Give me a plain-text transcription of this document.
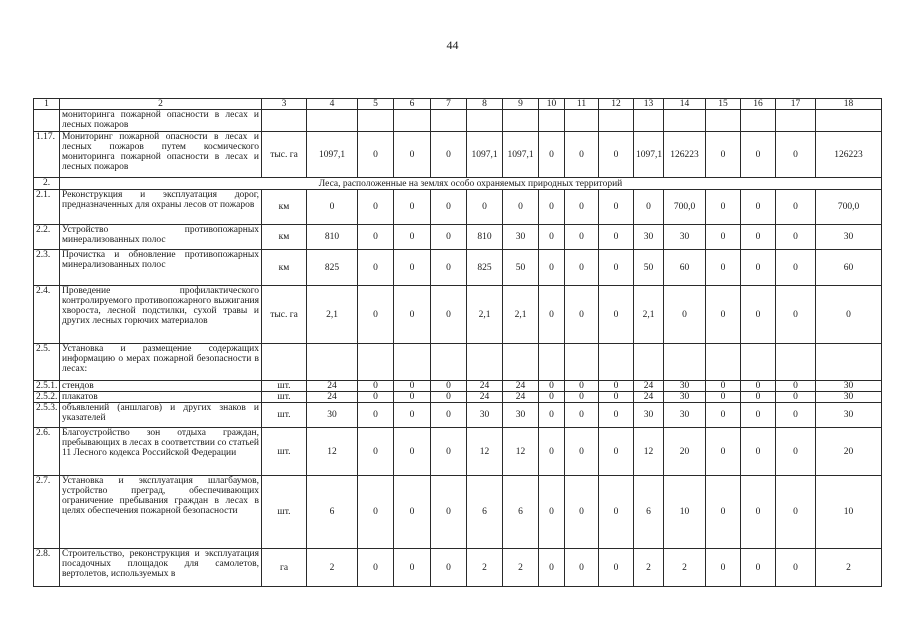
44
1	2	3	4	5	6	7	8	9	10	11	12	13	14	15	16	17	18
	мониторинга пожарной опасности в лесах и лесных пожаров																
1.17.	Мониторинг пожарной опасности в лесах и лесных пожаров путем космического мониторинга пожарной опасности в лесах и лесных пожаров	тыс. га	1097,1	0	0	0	1097,1	1097,1	0	0	0	1097,1	126223	0	0	0	126223
2.	Леса, расположенные на землях особо охраняемых природных территорий																
2.1.	Реконструкция и эксплуатация дорог, предназначенных для охраны лесов от пожаров	км	0	0	0	0	0	0	0	0	0	0	700,0	0	0	0	700,0
2.2.	Устройство противопожарных минерализованных полос	км	810	0	0	0	810	30	0	0	0	30	30	0	0	0	30
2.3.	Прочистка и обновление противопожарных минерализованных полос	км	825	0	0	0	825	50	0	0	0	50	60	0	0	0	60
2.4.	Проведение профилактического контролируемого противопожарного выжигания хвороста, лесной подстилки, сухой травы и других лесных горючих материалов	тыс. га	2,1	0	0	0	2,1	2,1	0	0	0	2,1	0	0	0	0	0
2.5.	Установка и размещение содержащих информацию о мерах пожарной безопасности в лесах:																
2.5.1.	стендов	шт.	24	0	0	0	24	24	0	0	0	24	30	0	0	0	30
2.5.2.	плакатов	шт.	24	0	0	0	24	24	0	0	0	24	30	0	0	0	30
2.5.3.	объявлений (аншлагов) и других знаков и указателей	шт.	30	0	0	0	30	30	0	0	0	30	30	0	0	0	30
2.6.	Благоустройство зон отдыха граждан, пребывающих в лесах в соответствии со статьей 11 Лесного кодекса Российской Федерации	шт.	12	0	0	0	12	12	0	0	0	12	20	0	0	0	20
2.7.	Установка и эксплуатация шлагбаумов, устройство преград, обеспечивающих ограничение пребывания граждан в лесах в целях обеспечения пожарной безопасности	шт.	6	0	0	0	6	6	0	0	0	6	10	0	0	0	10
2.8.	Строительство, реконструкция и эксплуатация посадочных площадок для самолетов, вертолетов, используемых в	га	2	0	0	0	2	2	0	0	0	2	2	0	0	0	2
